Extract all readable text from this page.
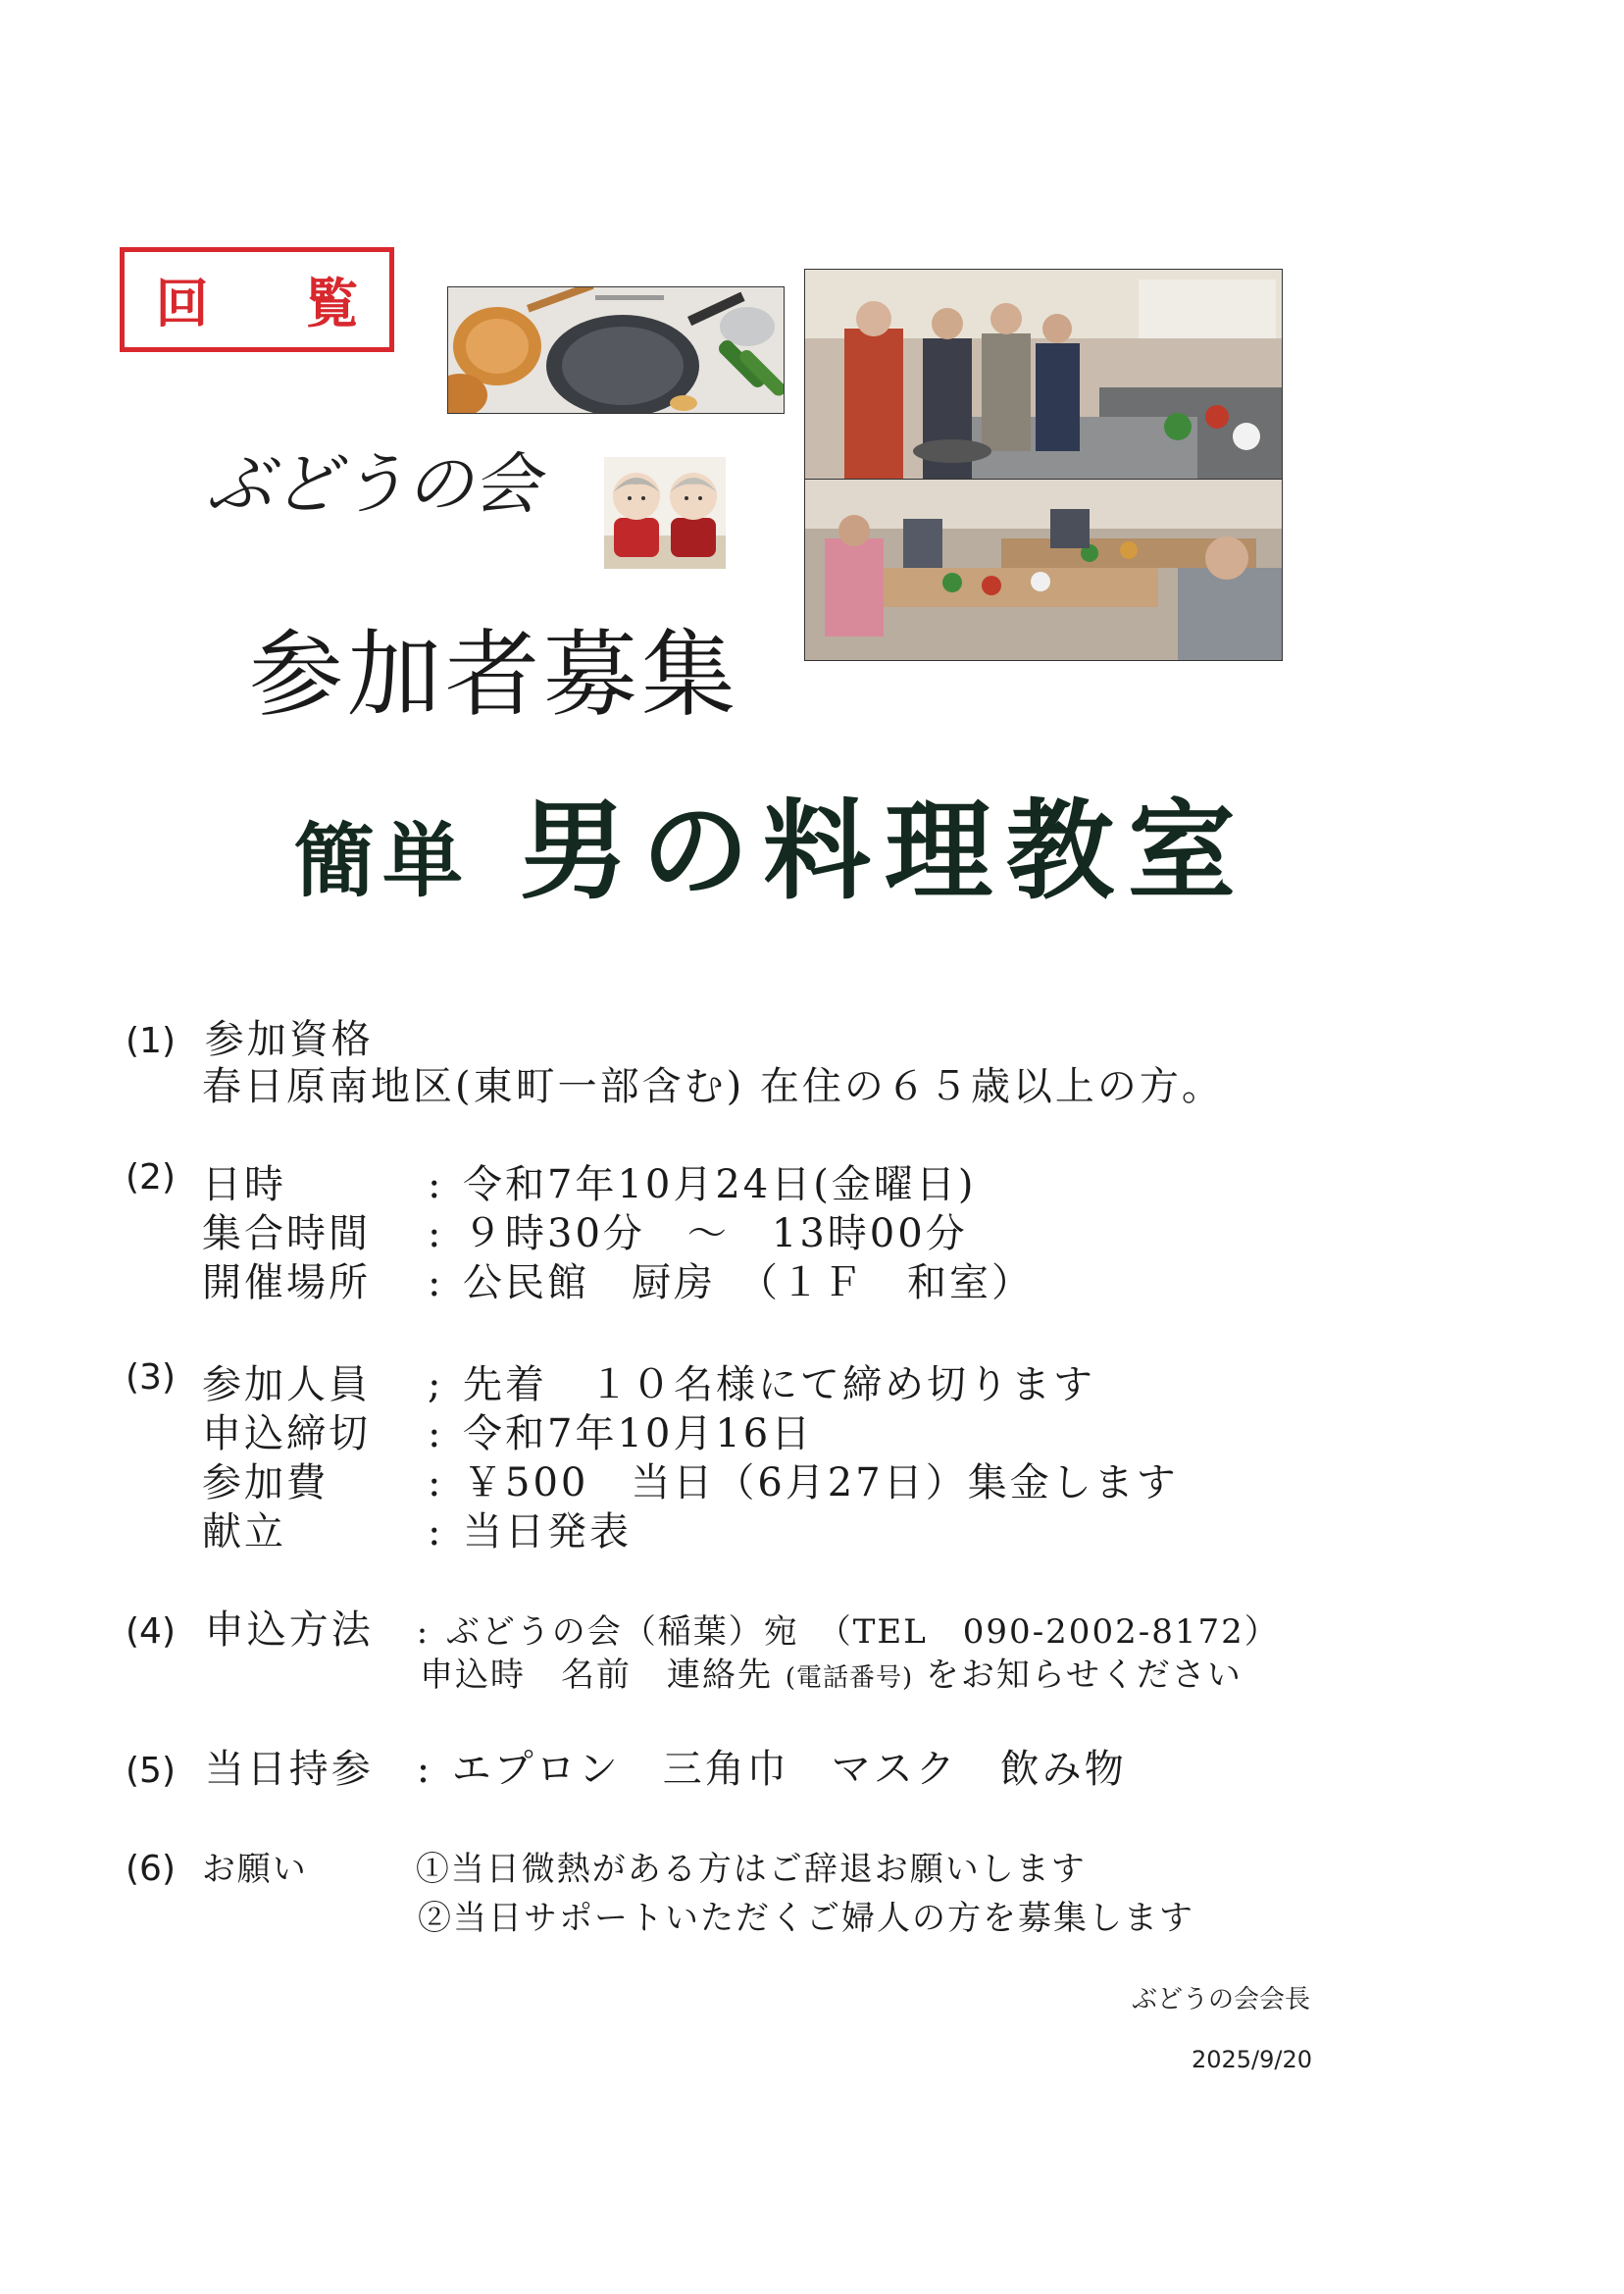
回 覧
ぶどうの会
参加者募集
簡単 男の料理教室
(1) 参加資格
春日原南地区(東町一部含む) 在住の６５歳以上の方。
(2) 日時	: 令和7年10月24日(金曜日)
集合時間 : ９時30分　～　13時00分
開催場所 : 公民館　厨房　（１Ｆ　和室）
(3) 参加人員 ; 先着　１０名様にて締め切ります
申込締切 : 令和7年10月16日
参加費	: ￥500　当日（6月27日）集金します
献立	: 当日発表
(4) 申込方法 : ぶどうの会（稲葉）宛　（TEL　090-2002-8172）
申込時　名前　連絡先 (電話番号) をお知らせください
(5) 当日持参 : エプロン　三角巾　マスク　飲み物
(6) お願い	①当日微熱がある方はご辞退お願いします
②当日サポートいただくご婦人の方を募集します
ぶどうの会会長
2025/9/20
